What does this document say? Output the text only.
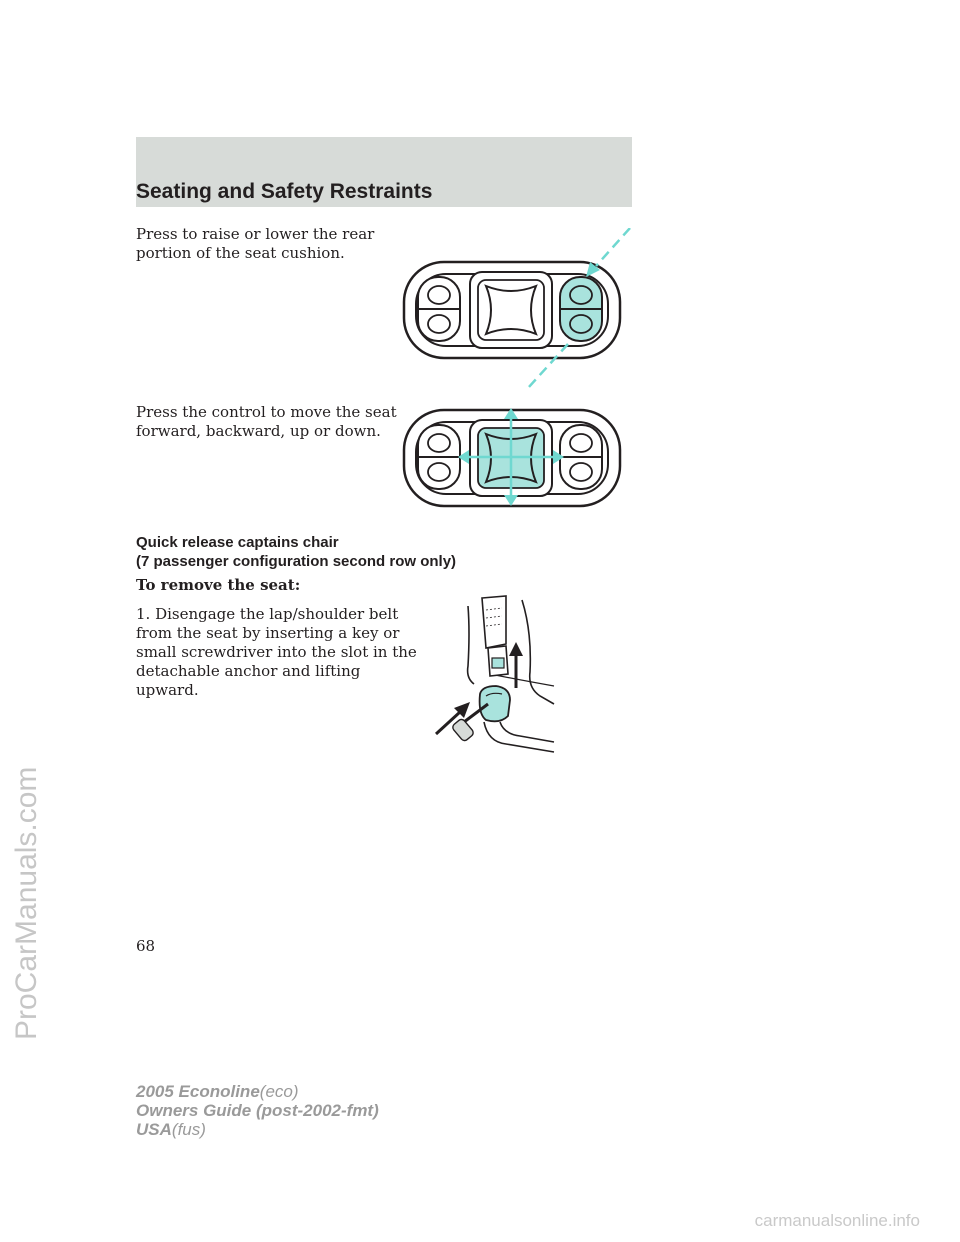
Seating and Safety Restraints
Press to raise or lower the rear
portion of the seat cushion.
Press the control to move the seat
forward, backward, up or down.
Quick release captains chair
(7 passenger configuration second row only)
To remove the seat:
1. Disengage the lap/shoulder belt
from the seat by inserting a key or
small screwdriver into the slot in the
detachable anchor and lifting
upward.
68
2005 Econoline(eco)
Owners Guide (post-2002-fmt)
USA(fus)
ProCarManuals.com
carmanualsonline.info
